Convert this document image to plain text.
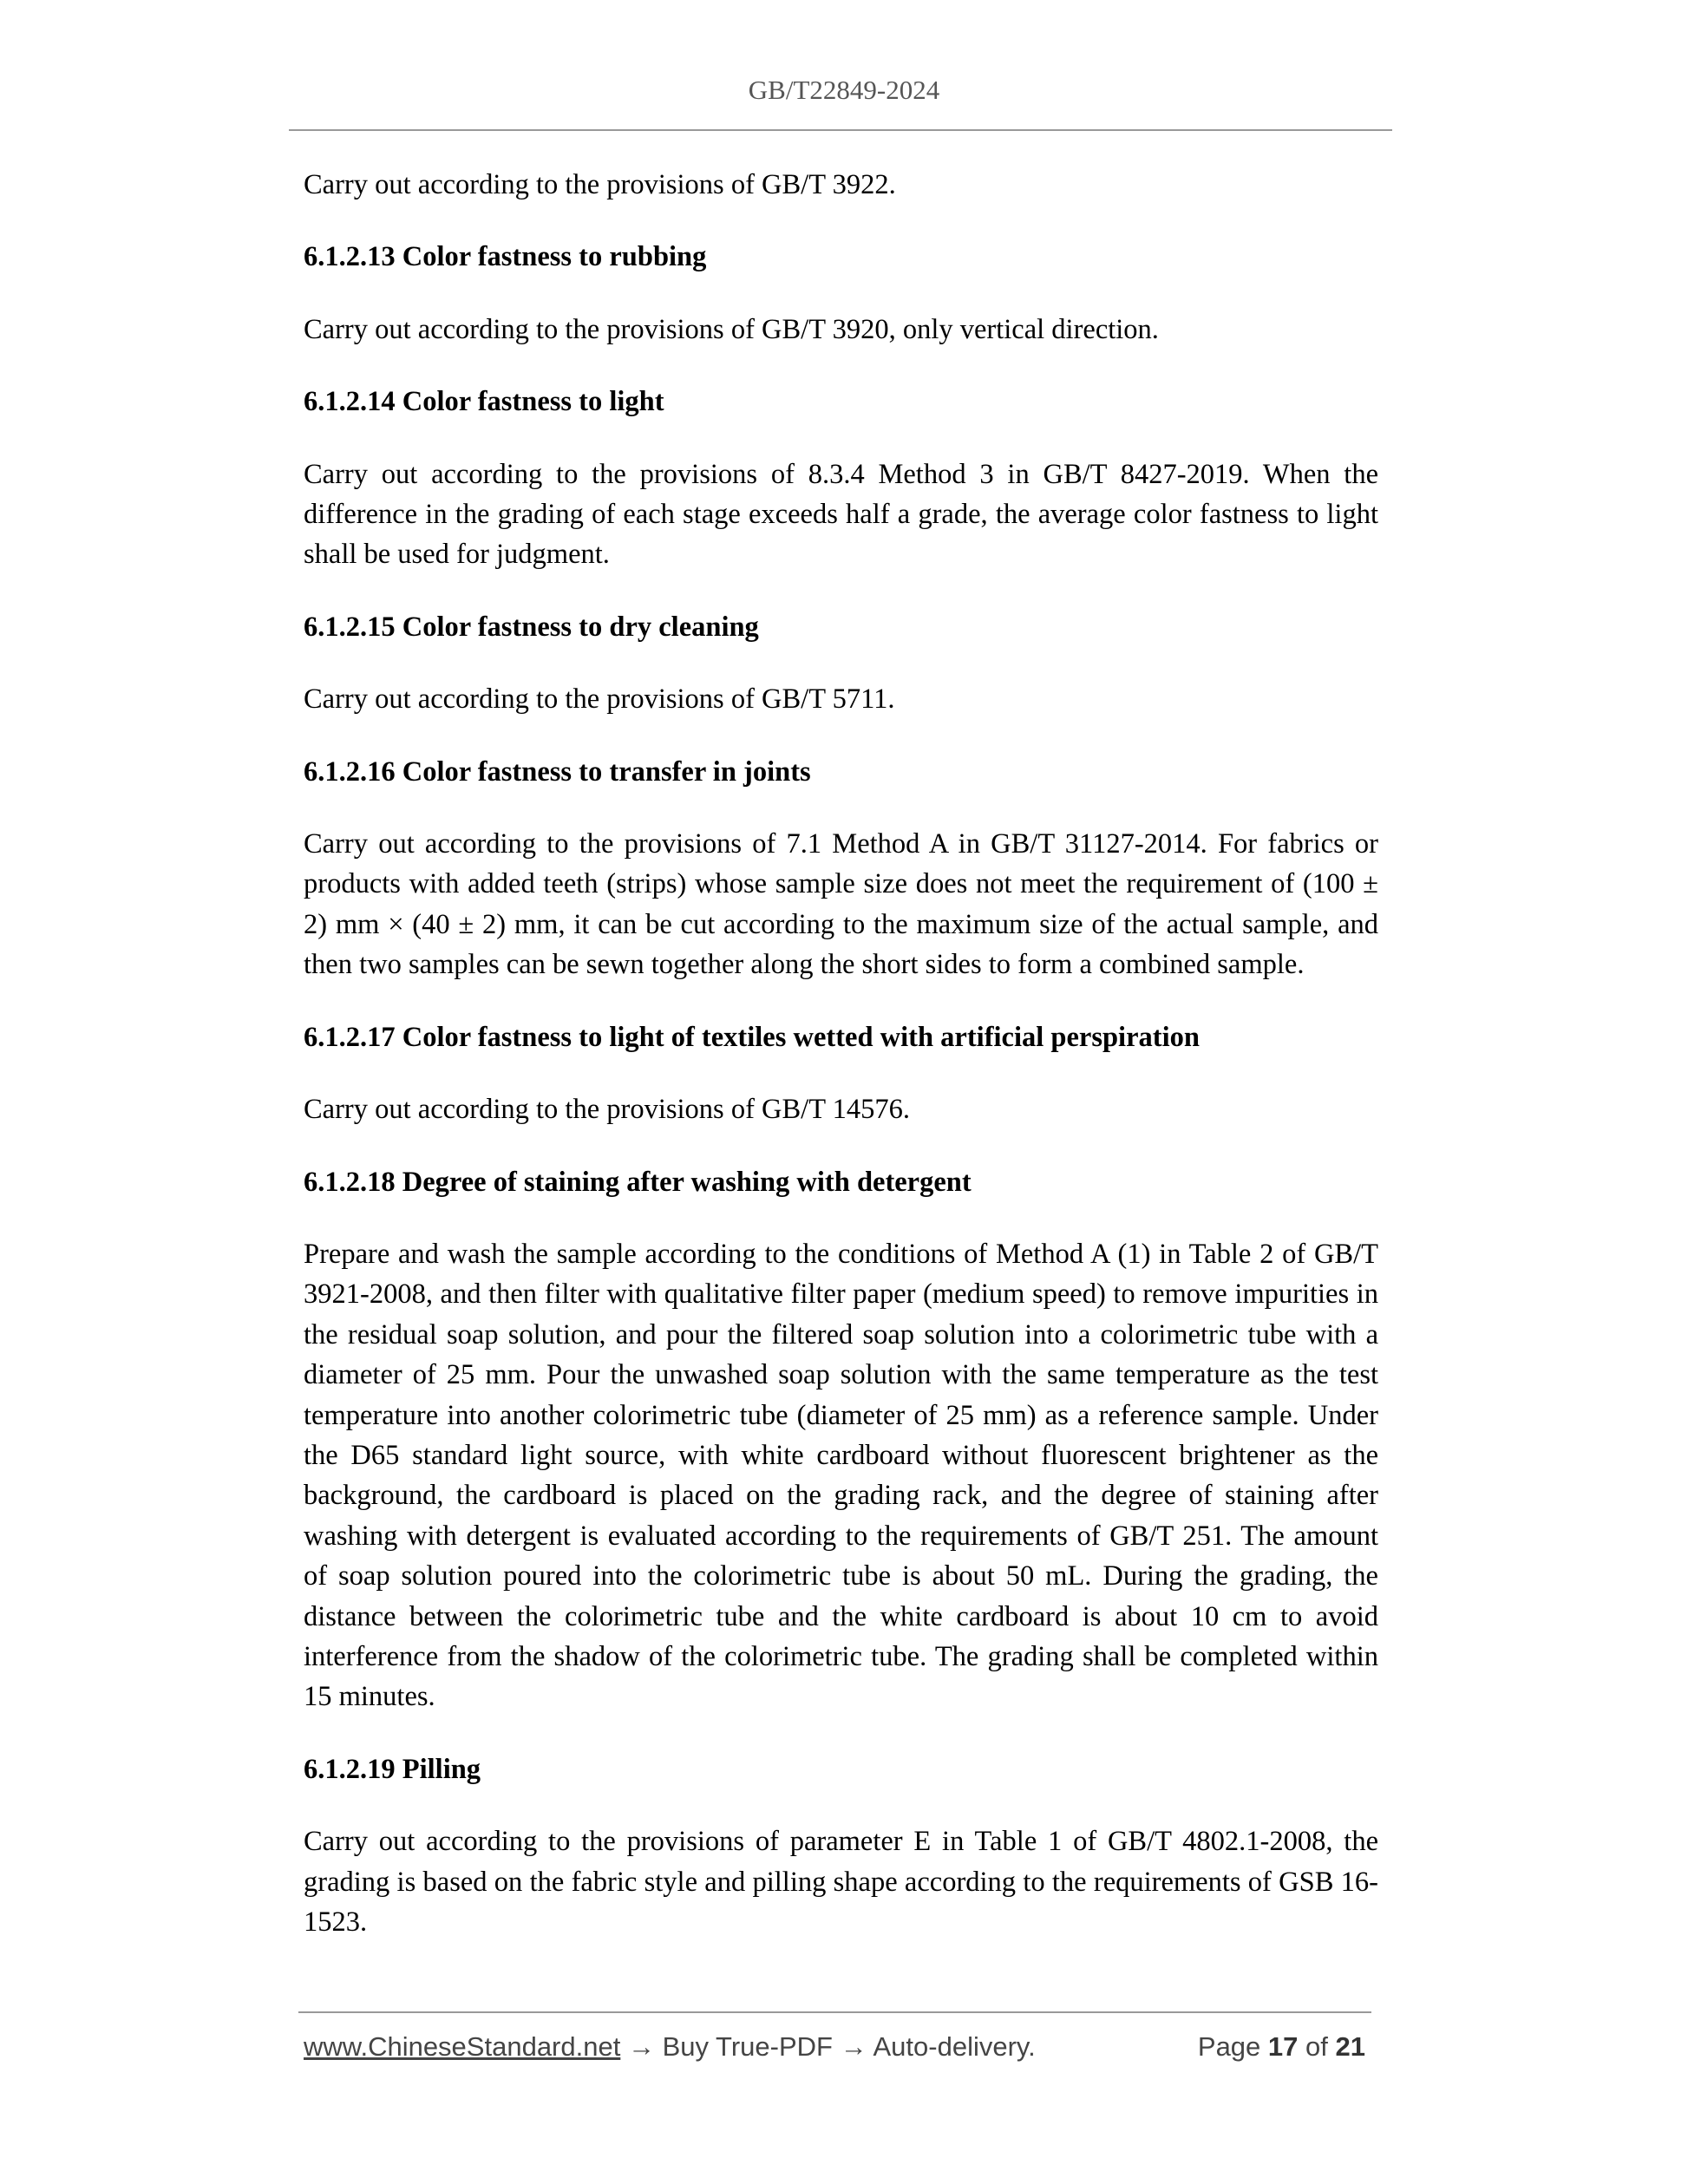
GB/T22849-2024

Carry out according to the provisions of GB/T 3922.

6.1.2.13 Color fastness to rubbing

Carry out according to the provisions of GB/T 3920, only vertical direction.

6.1.2.14 Color fastness to light

Carry out according to the provisions of 8.3.4 Method 3 in GB/T 8427-2019. When the difference in the grading of each stage exceeds half a grade, the average color fastness to light shall be used for judgment.

6.1.2.15 Color fastness to dry cleaning

Carry out according to the provisions of GB/T 5711.

6.1.2.16 Color fastness to transfer in joints

Carry out according to the provisions of 7.1 Method A in GB/T 31127-2014. For fabrics or products with added teeth (strips) whose sample size does not meet the requirement of (100 ± 2) mm × (40 ± 2) mm, it can be cut according to the maximum size of the actual sample, and then two samples can be sewn together along the short sides to form a combined sample.

6.1.2.17 Color fastness to light of textiles wetted with artificial perspiration

Carry out according to the provisions of GB/T 14576.

6.1.2.18 Degree of staining after washing with detergent

Prepare and wash the sample according to the conditions of Method A (1) in Table 2 of GB/T 3921-2008, and then filter with qualitative filter paper (medium speed) to remove impurities in the residual soap solution, and pour the filtered soap solution into a colorimetric tube with a diameter of 25 mm. Pour the unwashed soap solution with the same temperature as the test temperature into another colorimetric tube (diameter of 25 mm) as a reference sample. Under the D65 standard light source, with white cardboard without fluorescent brightener as the background, the cardboard is placed on the grading rack, and the degree of staining after washing with detergent is evaluated according to the requirements of GB/T 251. The amount of soap solution poured into the colorimetric tube is about 50 mL. During the grading, the distance between the colorimetric tube and the white cardboard is about 10 cm to avoid interference from the shadow of the colorimetric tube. The grading shall be completed within 15 minutes.

6.1.2.19 Pilling

Carry out according to the provisions of parameter E in Table 1 of GB/T 4802.1-2008, the grading is based on the fabric style and pilling shape according to the requirements of GSB 16-1523.

www.ChineseStandard.net → Buy True-PDF → Auto-delivery.	Page 17 of 21
